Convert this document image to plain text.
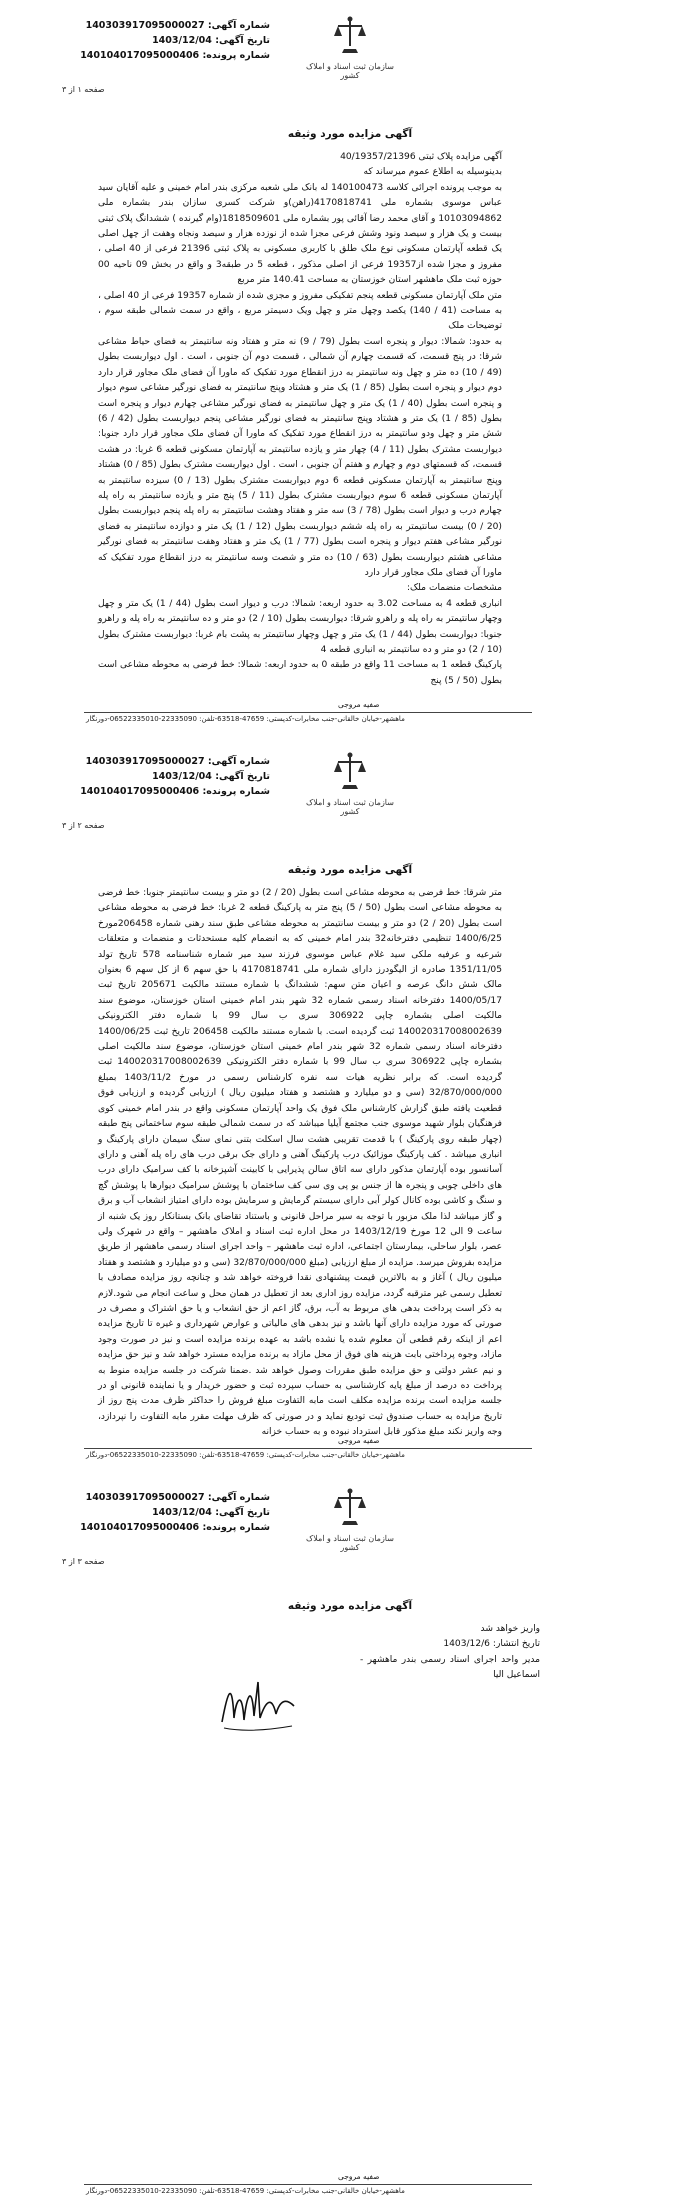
شماره آگهی: 140303917095000027
تاریخ آگهی: 1403/12/04
شماره پرونده: 140104017095000406
سازمان ثبت اسناد و املاک کشور
صفحه ۱ از ۳
آگهی مزایده مورد وثیقه

آگهی مزایده پلاک ثبتی 40/19357/21396

بدینوسیله به اطلاع عموم میرساند که

به موجب پرونده اجرائی کلاسه 140100473 له بانک ملی شعبه مرکزی بندر امام خمینی و علیه آقایان سید عباس موسوی بشماره ملی 4170818741(راهن)و شرکت کسری سازان بندر بشماره ملی 10103094862 و آقای محمد رضا آقائی پور بشماره ملی 1818509601(وام گیرنده ) ششدانگ پلاک ثبتی بیست و یک هزار و سیصد ونود وشش فرعی مجزا شده از نوزده هزار و سیصد ونجاه وهفت از چهل اصلی یک قطعه آپارتمان مسکونی نوع ملک طلق با کاربری مسکونی به پلاک ثبتی 21396 فرعی از 40 اصلی ، مفروز و مجزا شده از19357 فرعی از اصلی مذکور ، قطعه 5 در طبقه3 و واقع در بخش 09 ناحیه 00 حوزه ثبت ملک ماهشهر استان خوزستان به مساحت 140.41 متر مربع

متن ملک آپارتمان مسکونی قطعه پنجم تفکیکی مفروز و مجزی شده از شماره 19357 فرعی از 40 اصلی ، به مساحت (41 / 140) یکصد وچهل متر و چهل ویک دسیمتر مربع ، واقع در سمت شمالی طبقه سوم ، توضیحات ملک

به حدود: شمالا: دیوار و پنجره است بطول (79 / 9) نه متر و هفتاد ونه سانتیمتر به فضای حیاط مشاعی شرقا: در پنج قسمت، که قسمت چهارم آن شمالی ، قسمت دوم آن جنوبی ، است . اول دیواربست بطول (49 / 10) ده متر و چهل ونه سانتیمتر به درز انقطاع مورد تفکیک که ماورا آن فضای ملک مجاور قرار دارد دوم دیوار و پنجره است بطول (85 / 1) یک متر و هشتاد وپنج سانتیمتر به فضای نورگیر مشاعی سوم دیوار و پنجره است بطول (40 / 1) یک متر و چهل سانتیمتر به فضای نورگیر مشاعی چهارم دیوار و پنجره است بطول (85 / 1) یک متر و هشتاد وپنج سانتیمتر به فضای نورگیر مشاعی پنجم دیواربست بطول (42 / 6) شش متر و چهل ودو سانتیمتر به درز انقطاع مورد تفکیک که ماورا آن فضای ملک مجاور قرار دارد جنوبا: دیواربست مشترک بطول (11 / 4) چهار متر و یازده سانتیمتر به آپارتمان مسکونی قطعه 6 غربا: در هشت قسمت، که قسمتهای دوم و چهارم و هفتم آن جنوبی ، است . اول دیواربست مشترک بطول (85 / 0) هشتاد وپنج سانتیمتر به آپارتمان مسکونی قطعه 6 دوم دیواربست مشترک بطول (13 / 0) سیزده سانتیمتر به آپارتمان مسکونی قطعه 6 سوم دیواربست مشترک بطول (11 / 5) پنج متر و یازده سانتیمتر به راه پله چهارم درب و دیوار است بطول (78 / 3) سه متر و هفتاد وهشت سانتیمتر به راه پله پنجم دیواربست بطول (20 / 0) بیست سانتیمتر به راه پله ششم دیواربست بطول (12 / 1) یک متر و دوازده سانتیمتر به فضای نورگیر مشاعی هفتم دیوار و پنجره است بطول (77 / 1) یک متر و هفتاد وهفت سانتیمتر به فضای نورگیر مشاعی هشتم دیواربست بطول (63 / 10) ده متر و شصت وسه سانتیمتر به درز انقطاع مورد تفکیک که ماورا آن فضای ملک مجاور قرار دارد

مشخصات منضمات ملک:

انباری قطعه 4 به مساحت 3.02 به حدود اربعه: شمالا: درب و دیوار است بطول (44 / 1) یک متر و چهل وچهار سانتیمتر به راه پله و راهرو شرقا: دیواربست بطول (10 / 2) دو متر و ده سانتیمتر به راه پله و راهرو جنوبا: دیواربست بطول (44 / 1) یک متر و چهل وچهار سانتیمتر به پشت بام غربا: دیواربست مشترک بطول (10 / 2) دو متر و ده سانتیمتر به انباری قطعه 4

پارکینگ قطعه 1 به مساحت 11 واقع در طبقه 0 به حدود اربعه: شمالا: خط فرضی به محوطه مشاعی است بطول (50 / 5) پنج

صفیه مروجی
ماهشهر-خیابان خالقانی-جنب مخابرات-کدپستی: 47659-63518-تلفن: 22335090-06522335010-دورنگار
شماره آگهی: 140303917095000027
تاریخ آگهی: 1403/12/04
شماره پرونده: 140104017095000406
سازمان ثبت اسناد و املاک کشور
صفحه ۲ از ۳
آگهی مزایده مورد وثیقه

متر شرقا: خط فرضی به محوطه مشاعی است بطول (20 / 2) دو متر و بیست سانتیمتر جنوبا: خط فرضی به محوطه مشاعی است بطول (50 / 5) پنج متر به پارکینگ قطعه 2 غربا: خط فرضی به محوطه مشاعی است بطول (20 / 2) دو متر و بیست سانتیمتر به محوطه مشاعی طبق سند رهنی شماره 206458مورخ 1400/6/25 تنظیمی دفترخانه32 بندر امام خمینی که به انضمام کلیه مستحدثات و منضمات و متعلقات شرعیه و عرفیه ملکی سید غلام عباس موسوی فرزند سید میر شماره شناسنامه 578 تاریخ تولد 1351/11/05 صادره از الیگودرز دارای شماره ملی 4170818741 با حق سهم 6 از کل سهم 6 بعنوان مالک شش دانگ عرصه و اعیان متن سهم: ششدانگ با شماره مستند مالکیت 205671 تاریخ ثبت 1400/05/17 دفترخانه اسناد رسمی شماره 32 شهر بندر امام خمینی استان خوزستان، موضوع سند مالکیت اصلی بشماره چاپی 306922 سری ب سال 99 با شماره دفتر الکترونیکی 140020317008002639 ثبت گردیده است. با شماره مستند مالکیت 206458 تاریخ ثبت 1400/06/25 دفترخانه اسناد رسمی شماره 32 شهر بندر امام خمینی استان خوزستان، موضوع سند مالکیت اصلی بشماره چاپی 306922 سری ب سال 99 با شماره دفتر الکترونیکی 140020317008002639 ثبت گردیده است. که برابر نظریه هیات سه نفره کارشناس رسمی در مورخ 1403/11/2 بمبلغ 32/870/000/000 (سی و دو میلیارد و هشتصد و هفتاد میلیون ریال ) ارزیابی گردیده و ارزیابی فوق قطعیت یافته طبق گزارش کارشناس ملک فوق یک واحد آپارتمان مسکونی واقع در بندر امام خمینی کوی فرهنگیان بلوار شهید موسوی جنب مجتمع آیلیا میباشد که در سمت شمالی طبقه سوم ساختمانی پنج طبقه (چهار طبقه روی پارکینگ ) با قدمت تقریبی هشت سال اسکلت بتنی نمای سنگ سیمان دارای پارکینگ و انباری میباشد . کف پارکینگ موزائیک درب پارکینگ آهنی و دارای جک برقی درب های راه پله آهنی و دارای آسانسور بوده آپارتمان مذکور دارای سه اتاق سالن پذیرایی با کابینت آشپزخانه با کف سرامیک دارای درب های داخلی چوبی و پنجره ها از جنس یو پی وی سی کف ساختمان با پوشش سرامیک دیوارها با پوشش گچ و سنگ و کاشی بوده کانال کولر آبی دارای سیستم گرمایش و سرمایش بوده دارای امتیاز انشعاب آب و برق و گاز میباشد لذا ملک مزبور با توجه به سیر مراحل قانونی و باستناد تقاضای بانک بستانکار روز یک شنبه از ساعت 9 الی 12 مورخ 1403/12/19 در محل اداره ثبت اسناد و املاک ماهشهر – واقع در شهرک ولی عصر، بلوار ساحلی، بیمارستان اجتماعی، اداره ثبت ماهشهر – واحد اجرای اسناد رسمی ماهشهر از طریق مزایده بفروش میرسد. مزایده از مبلغ ارزیابی (مبلغ 32/870/000/000 (سی و دو میلیارد و هشتصد و هفتاد میلیون ریال ) آغاز و به بالاترین قیمت پیشنهادی نقدا فروخته خواهد شد و چنانچه روز مزایده مصادف با تعطیل رسمی غیر مترقبه گردد، مزایده روز اداری بعد از تعطیل در همان محل و ساعت انجام می شود.لازم به ذکر است پرداخت بدهی های مربوط به آب، برق، گاز اعم از حق انشعاب و یا حق اشتراک و مصرف در صورتی که مورد مزایده دارای آنها باشد و نیز بدهی های مالیاتی و عوارض شهرداری و غیره تا تاریخ مزایده اعم از اینکه رقم قطعی آن معلوم شده یا نشده باشد به عهده برنده مزایده است و نیز در صورت وجود مازاد، وجوه پرداختی بابت هزینه های فوق از محل مازاد به برنده مزایده مسترد خواهد شد و نیز حق مزایده و نیم عشر دولتی و حق مزایده طبق مقررات وصول خواهد شد .ضمنا شرکت در جلسه مزایده منوط به پرداخت ده درصد از مبلغ پایه کارشناسی به حساب سپرده ثبت و حضور خریدار و یا نماینده قانونی او در جلسه مزایده است برنده مزایده مکلف است مابه التفاوت مبلغ فروش را حداکثر ظرف مدت پنج روز از تاریخ مزایده به حساب صندوق ثبت تودیع نماید و در صورتی که ظرف مهلت مقرر مابه التفاوت را نپردازد، وجه واریز نکند مبلغ مذکور قابل استرداد نبوده و به حساب خزانه

صفیه مروجی
ماهشهر-خیابان خالقانی-جنب مخابرات-کدپستی: 47659-63518-تلفن: 22335090-06522335010-دورنگار
شماره آگهی: 140303917095000027
تاریخ آگهی: 1403/12/04
شماره پرونده: 140104017095000406
سازمان ثبت اسناد و املاک کشور
صفحه ۳ از ۳
آگهی مزایده مورد وثیقه

واریز خواهد شد

تاریخ انتشار: 1403/12/6

مدیر واحد اجرای اسناد رسمی بندر ماهشهر - اسماعیل الیا

صفیه مروجی
ماهشهر-خیابان خالقانی-جنب مخابرات-کدپستی: 47659-63518-تلفن: 22335090-06522335010-دورنگار
